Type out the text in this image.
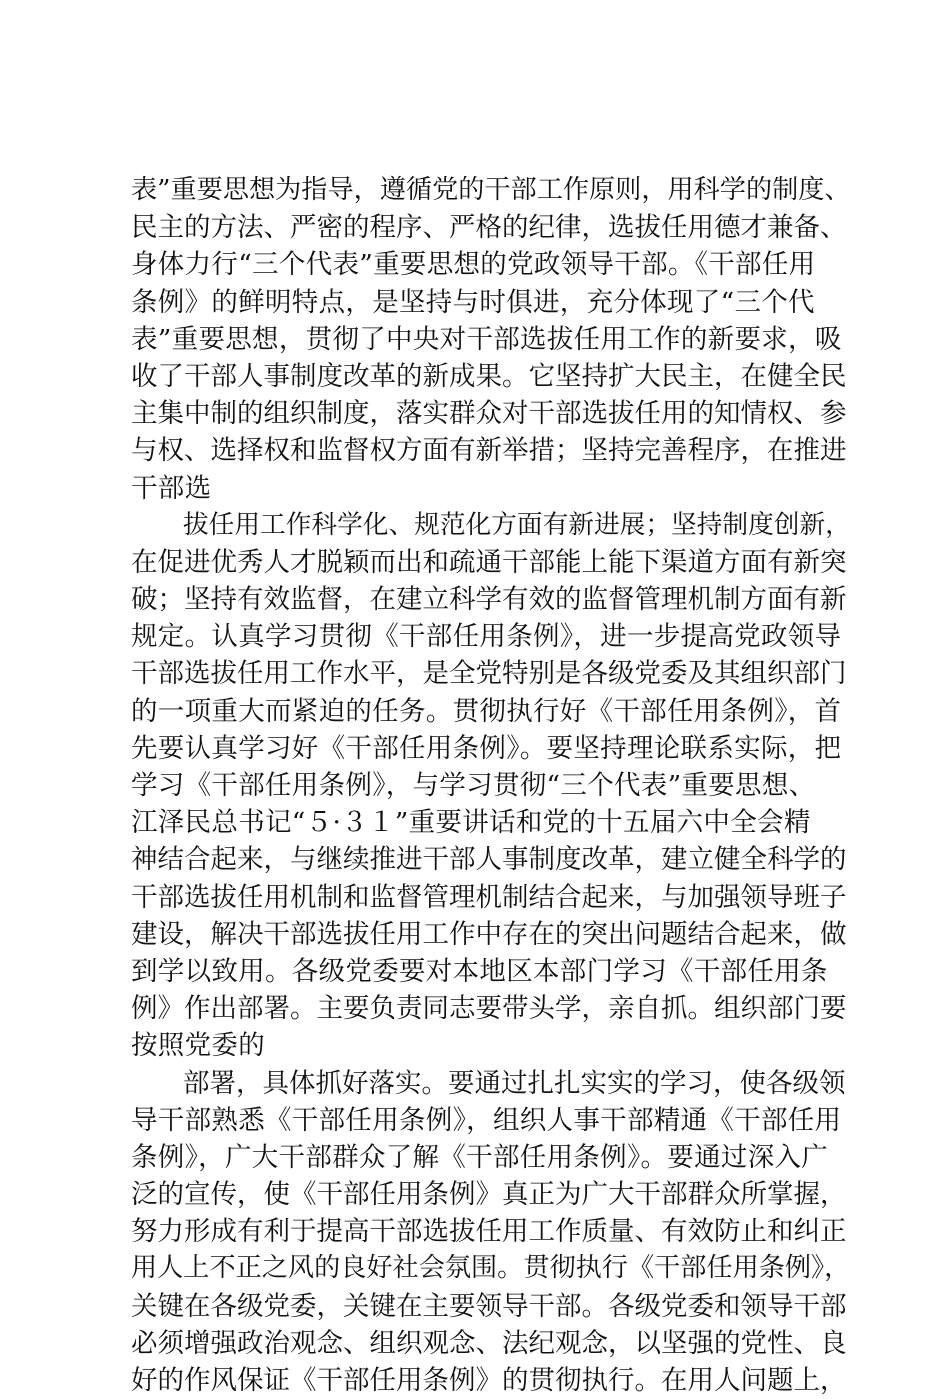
表”重要思想为指导，遵循党的干部工作原则，用科学的制度、
民主的方法、严密的程序、严格的纪律，选拔任用德才兼备、
身体力行“三个代表”重要思想的党政领导干部。《干部任用
条例》的鲜明特点，是坚持与时俱进，充分体现了“三个代
表”重要思想，贯彻了中央对干部选拔任用工作的新要求，吸
收了干部人事制度改革的新成果。它坚持扩大民主，在健全民
主集中制的组织制度，落实群众对干部选拔任用的知情权、参
与权、选择权和监督权方面有新举措；坚持完善程序，在推进
干部选
拔任用工作科学化、规范化方面有新进展；坚持制度创新，
在促进优秀人才脱颖而出和疏通干部能上能下渠道方面有新突
破；坚持有效监督，在建立科学有效的监督管理机制方面有新
规定。认真学习贯彻《干部任用条例》，进一步提高党政领导
干部选拔任用工作水平，是全党特别是各级党委及其组织部门
的一项重大而紧迫的任务。贯彻执行好《干部任用条例》，首
先要认真学习好《干部任用条例》。要坚持理论联系实际，把
学习《干部任用条例》，与学习贯彻“三个代表”重要思想、
江泽民总书记“５·３１”重要讲话和党的十五届六中全会精
神结合起来，与继续推进干部人事制度改革，建立健全科学的
干部选拔任用机制和监督管理机制结合起来，与加强领导班子
建设，解决干部选拔任用工作中存在的突出问题结合起来，做
到学以致用。各级党委要对本地区本部门学习《干部任用条
例》作出部署。主要负责同志要带头学，亲自抓。组织部门要
按照党委的
部署，具体抓好落实。要通过扎扎实实的学习，使各级领
导干部熟悉《干部任用条例》，组织人事干部精通《干部任用
条例》，广大干部群众了解《干部任用条例》。要通过深入广
泛的宣传，使《干部任用条例》真正为广大干部群众所掌握，
努力形成有利于提高干部选拔任用工作质量、有效防止和纠正
用人上不正之风的良好社会氛围。贯彻执行《干部任用条例》，
关键在各级党委，关键在主要领导干部。各级党委和领导干部
必须增强政治观念、组织观念、法纪观念，以坚强的党性、良
好的作风保证《干部任用条例》的贯彻执行。在用人问题上，
